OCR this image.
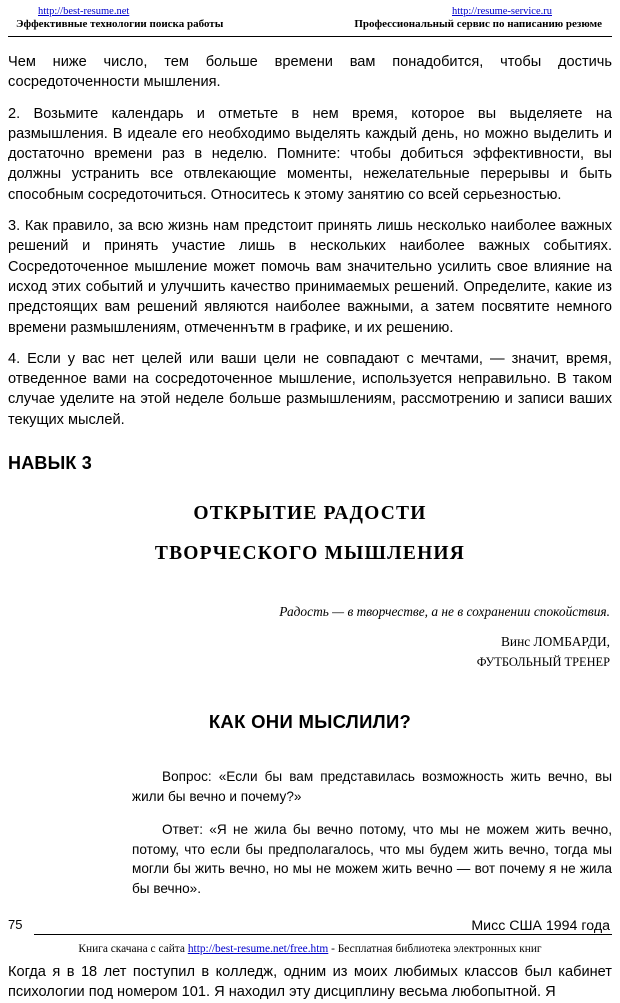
http://best-resume.net	http://resume-service.ru
Эффективные технологии поиска работы	Профессиональный сервис по написанию резюме

Чем ниже число, тем больше времени вам понадобится, чтобы достичь сосредоточенности мышления.

2. Возьмите календарь и отметьте в нем время, которое вы выделяете на размышления. В идеале его необходимо выделять каждый день, но можно выделить и достаточно времени раз в неделю. Помните: чтобы добиться эффективности, вы должны устранить все отвлекающие моменты, нежелательные перерывы и быть способным сосредоточиться. Относитесь к этому занятию со всей серьезностью.

3. Как правило, за всю жизнь нам предстоит принять лишь несколько наиболее важных решений и принять участие лишь в нескольких наиболее важных событиях. Сосредоточенное мышление может помочь вам значительно усилить свое влияние на исход этих событий и улучшить качество принимаемых решений. Определите, какие из предстоящих вам решений являются наиболее важными, а затем посвятите немного времени размышлениям, отмеченнътм в графике, и их решению.

4. Если у вас нет целей или ваши цели не совпадают с мечтами, — значит, время, отведенное вами на сосредоточенное мышление, используется неправильно. В таком случае уделите на этой неделе больше размышлениям, рассмотрению и записи ваших текущих мыслей.

НАВЫК 3
ОТКРЫТИЕ РАДОСТИ
ТВОРЧЕСКОГО МЫШЛЕНИЯ

Радость — в творчестве, а не в сохранении спокойствия.

Винс ЛОМБАРДИ,

ФУТБОЛЬНЫЙ ТРЕНЕР

КАК ОНИ МЫСЛИЛИ?

Вопрос: «Если бы вам представилась возможность жить вечно, вы жили бы вечно и почему?»

Ответ: «Я не жила бы вечно потому, что мы не можем жить вечно, потому, что если бы предполагалось, что мы будем жить вечно, тогда мы могли бы жить вечно, но мы не можем жить вечно — вот почему я не жила бы вечно».

Мисс США 1994 года

Когда я в 18 лет поступил в колледж, одним из моих любимых классов был кабинет психологии под номером 101. Я находил эту дисциплину весьма любопытной. Я

75
Книга скачана с сайта http://best-resume.net/free.htm - Бесплатная библиотека электронных книг
